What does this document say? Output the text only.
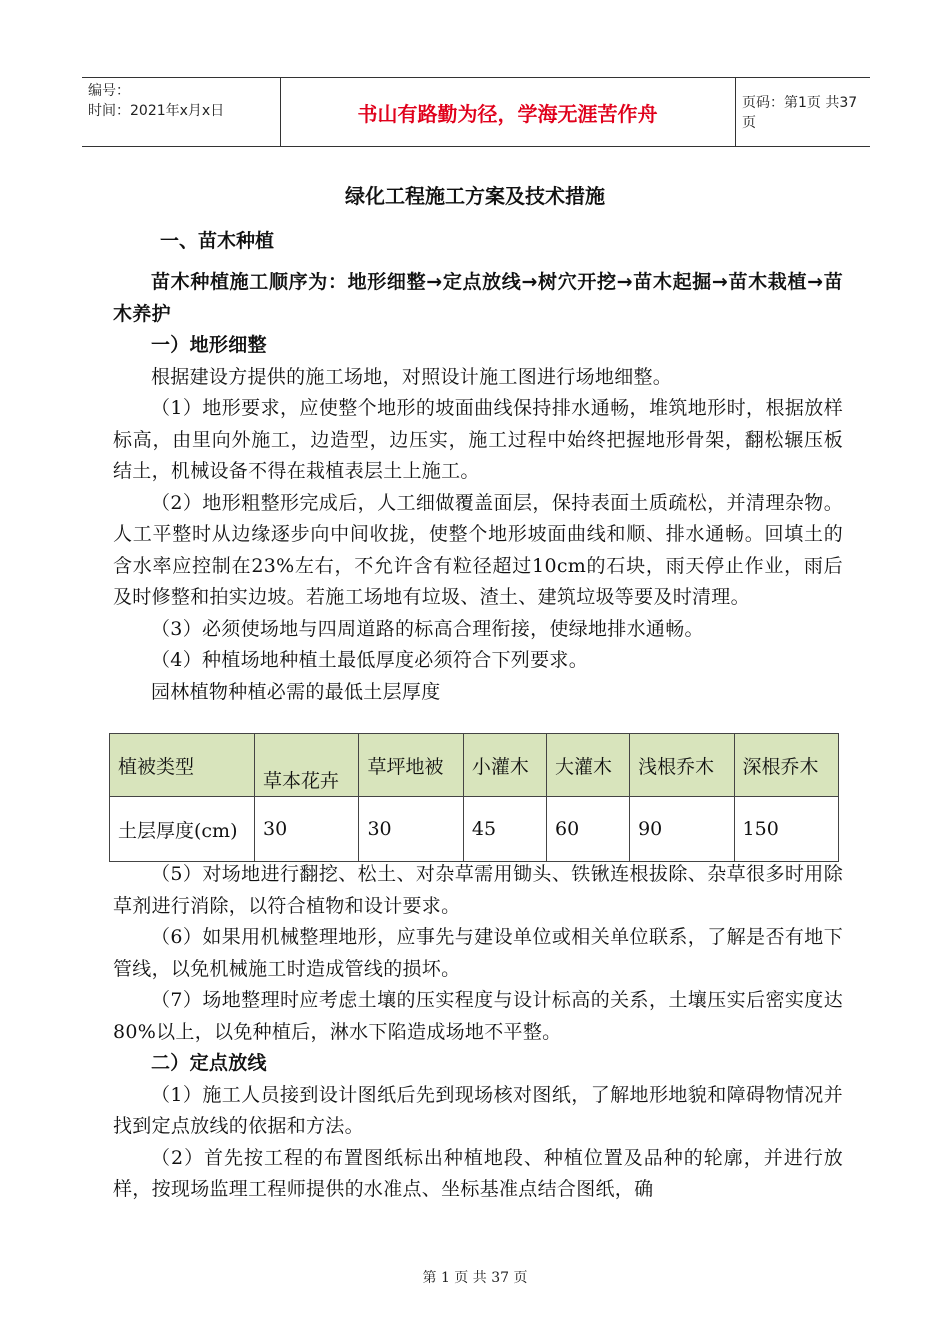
编号：
时间：2021年x月x日	书山有路勤为径，学海无涯苦作舟	页码：第1页 共37页
绿化工程施工方案及技术措施
一、苗木种植

苗木种植施工顺序为：地形细整→定点放线→树穴开挖→苗木起掘→苗木栽植→苗木养护

一）地形细整

根据建设方提供的施工场地，对照设计施工图进行场地细整。

（1）地形要求，应使整个地形的坡面曲线保持排水通畅，堆筑地形时，根据放样标高，由里向外施工，边造型，边压实，施工过程中始终把握地形骨架，翻松辗压板结土，机械设备不得在栽植表层土上施工。

（2）地形粗整形完成后，人工细做覆盖面层，保持表面土质疏松，并清理杂物。人工平整时从边缘逐步向中间收拢，使整个地形坡面曲线和顺、排水通畅。回填土的含水率应控制在23%左右，不允许含有粒径超过10cm的石块，雨天停止作业，雨后及时修整和拍实边坡。若施工场地有垃圾、渣土、建筑垃圾等要及时清理。

（3）必须使场地与四周道路的标高合理衔接，使绿地排水通畅。

（4）种植场地种植土最低厚度必须符合下列要求。

园林植物种植必需的最低土层厚度

植被类型	草本花卉	草坪地被	小灌木	大灌木	浅根乔木	深根乔木
土层厚度(cm)	30	30	45	60	90	150

（5）对场地进行翻挖、松土、对杂草需用锄头、铁锹连根拔除、杂草很多时用除草剂进行消除，以符合植物和设计要求。

（6）如果用机械整理地形，应事先与建设单位或相关单位联系，了解是否有地下管线，以免机械施工时造成管线的损坏。

（7）场地整理时应考虑土壤的压实程度与设计标高的关系，土壤压实后密实度达80%以上，以免种植后，淋水下陷造成场地不平整。

二）定点放线

（1）施工人员接到设计图纸后先到现场核对图纸，了解地形地貌和障碍物情况并找到定点放线的依据和方法。

（2）首先按工程的布置图纸标出种植地段、种植位置及品种的轮廓，并进行放样，按现场监理工程师提供的水准点、坐标基准点结合图纸，确

第 1 页 共 37 页
